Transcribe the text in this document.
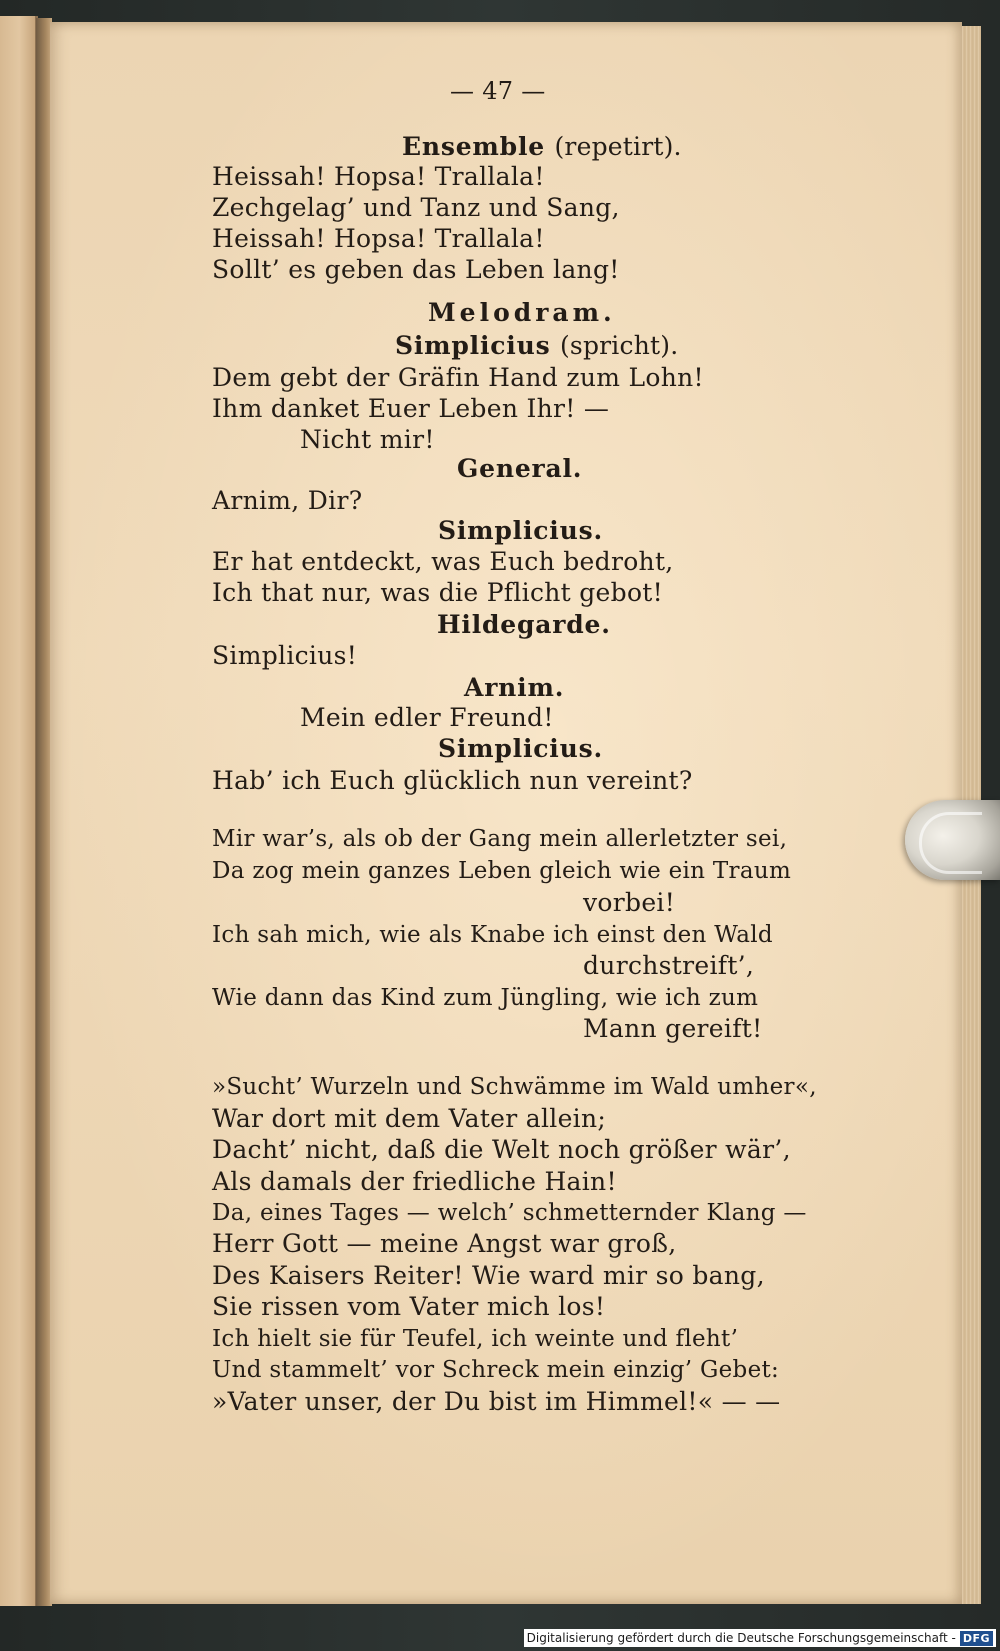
— 47 —
Ensemble (repetirt).
Heissah! Hopsa! Trallala!
Zechgelag’ und Tanz und Sang,
Heissah! Hopsa! Trallala!
Sollt’ es geben das Leben lang!
Melodram.
Simplicius (spricht).
Dem gebt der Gräfin Hand zum Lohn!
Ihm danket Euer Leben Ihr! —
Nicht mir!
General.
Arnim, Dir?
Simplicius.
Er hat entdeckt, was Euch bedroht,
Ich that nur, was die Pflicht gebot!
Hildegarde.
Simplicius!
Arnim.
Mein edler Freund!
Simplicius.
Hab’ ich Euch glücklich nun vereint?
Mir war’s, als ob der Gang mein allerletzter sei,
Da zog mein ganzes Leben gleich wie ein Traum
vorbei!
Ich sah mich, wie als Knabe ich einst den Wald
durchstreift’,
Wie dann das Kind zum Jüngling, wie ich zum
Mann gereift!
»Sucht’ Wurzeln und Schwämme im Wald umher«,
War dort mit dem Vater allein;
Dacht’ nicht, daß die Welt noch größer wär’,
Als damals der friedliche Hain!
Da, eines Tages — welch’ schmetternder Klang —
Herr Gott — meine Angst war groß,
Des Kaisers Reiter! Wie ward mir so bang,
Sie rissen vom Vater mich los!
Ich hielt sie für Teufel, ich weinte und fleht’
Und stammelt’ vor Schreck mein einzig’ Gebet:
»Vater unser, der Du bist im Himmel!« — —
Digitalisierung gefördert durch die Deutsche Forschungsgemeinschaft - DFG
